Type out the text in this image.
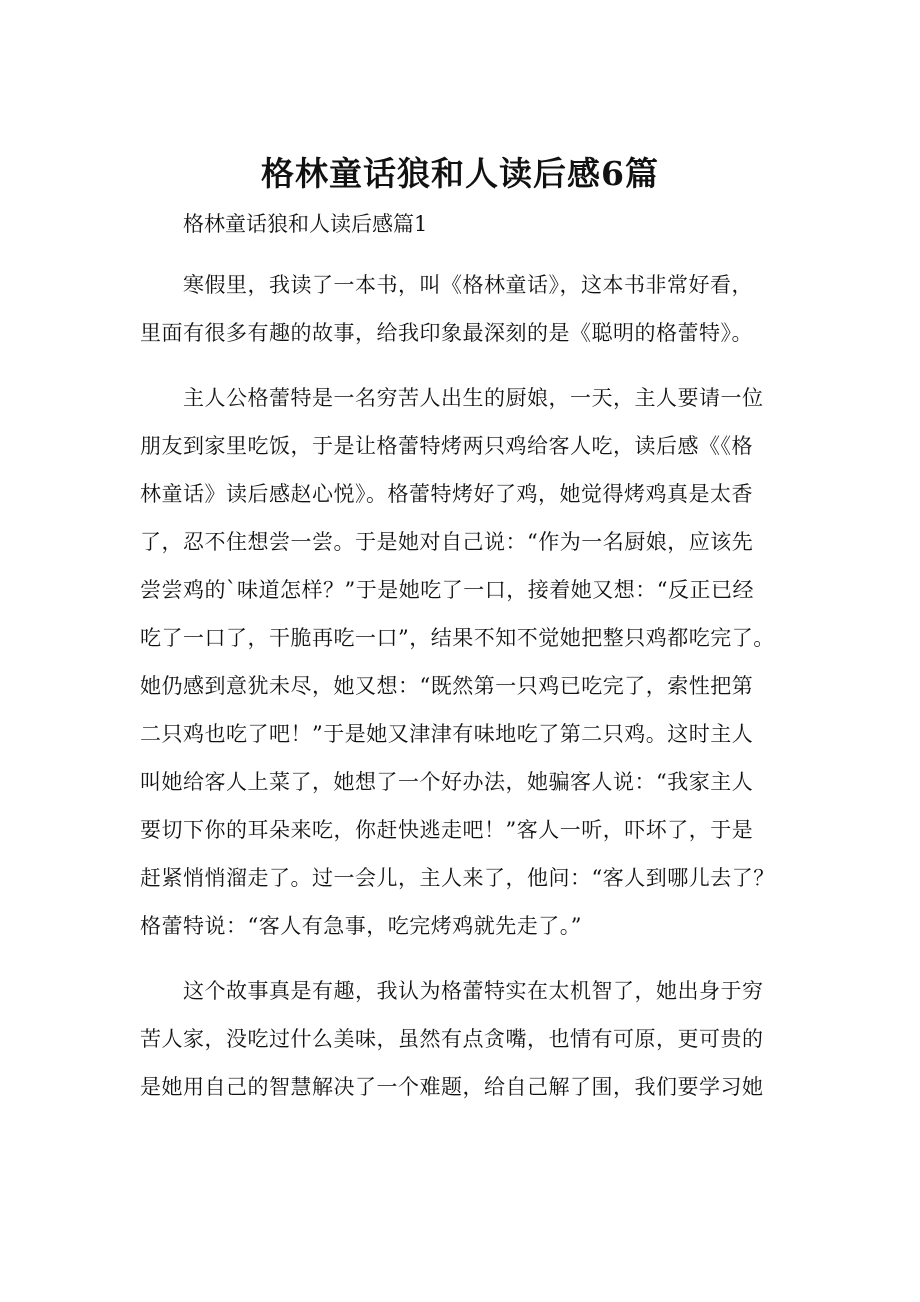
格林童话狼和人读后感6篇

格林童话狼和人读后感篇1

寒假里，我读了一本书，叫《格林童话》，这本书非常好看，

里面有很多有趣的故事，给我印象最深刻的是《聪明的格蕾特》。

主人公格蕾特是一名穷苦人出生的厨娘，一天，主人要请一位

朋友到家里吃饭，于是让格蕾特烤两只鸡给客人吃，读后感《《格

林童话》读后感赵心悦》。格蕾特烤好了鸡，她觉得烤鸡真是太香

了，忍不住想尝一尝。于是她对自己说：“作为一名厨娘，应该先

尝尝鸡的`味道怎样？”于是她吃了一口，接着她又想：“反正已经

吃了一口了，干脆再吃一口”，结果不知不觉她把整只鸡都吃完了。

她仍感到意犹未尽，她又想：“既然第一只鸡已吃完了，索性把第

二只鸡也吃了吧！”于是她又津津有味地吃了第二只鸡。这时主人

叫她给客人上菜了，她想了一个好办法，她骗客人说：“我家主人

要切下你的耳朵来吃，你赶快逃走吧！”客人一听，吓坏了，于是

赶紧悄悄溜走了。过一会儿，主人来了，他问：“客人到哪儿去了？

格蕾特说：“客人有急事，吃完烤鸡就先走了。”

这个故事真是有趣，我认为格蕾特实在太机智了，她出身于穷

苦人家，没吃过什么美味，虽然有点贪嘴，也情有可原，更可贵的

是她用自己的智慧解决了一个难题，给自己解了围，我们要学习她
